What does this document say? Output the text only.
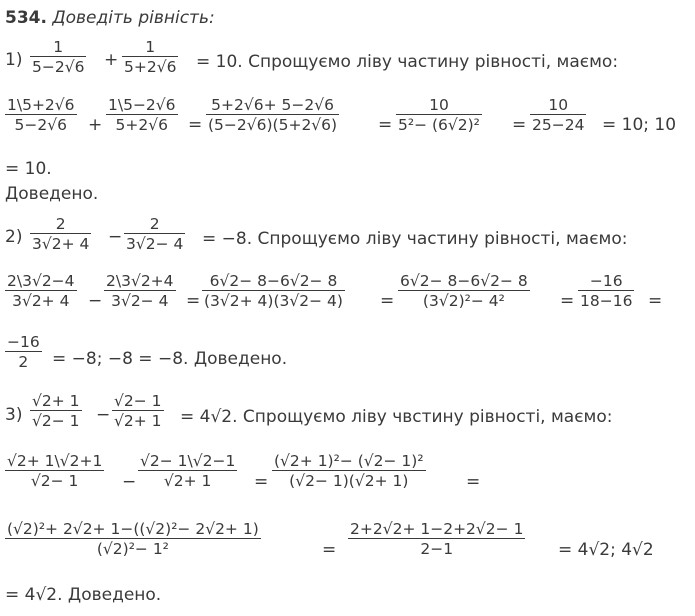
534. Доведіть рівність:
$1) \frac{1}{5-2√6} + \frac{1}{5+2√6} = 10$. Спрощуємо ліву частину рівності, маємо:
$\frac{1\backslash 5+2√6}{5-2√6} + \frac{1\backslash 5-2√6}{5+2√6} = \frac{5+2√6+ 5-2√6}{(5-2√6)(5+2√6)} = \frac{10}{\text{5²− (6√2)²}} = \frac{10}{25-24} = 10$; 10
= 10.
Доведено.
$2) \frac{2}{3√2+ 4} - \frac{2}{3√2- 4} = -8$. Спрощуємо ліву частину рівності, маємо:
$\frac{2\backslash 3√2-4}{3√2+ 4} - \frac{2\backslash 3√2+4}{3√2- 4} = \frac{6√2- 8-6√2- 8}{(3√2+ 4)(3√2- 4)} = \frac{6√2- 8-6√2- 8}{\text{(3√2)²− 4²}} = \frac{-16}{18-16}$ =
$\frac{-16}{2} = -8$; −8 = −8. Доведено.
$3) \frac{√2+ 1}{√2- 1} - \frac{√2- 1}{√2+ 1} = 4√2$. Спрощуємо ліву чвстину рівності, маємо:
$\frac{√2+ 1\backslash√2+1}{√2- 1} - \frac{√2- 1\backslash√2-1}{√2+ 1} = \frac{\text{(√2+ 1)²− (√2− 1)²}}{(√2- 1)(√2+ 1)}$ =
$\frac{\text{(√2)²+ 2√2+ 1−((√2)²− 2√2+ 1)}}{\text{(√2)²− 1²}}$	= $\frac{2+2√2+ 1-2+2√2- 1}{2-1} = 4√2$; 4√2
= 4√2. Доведено.
